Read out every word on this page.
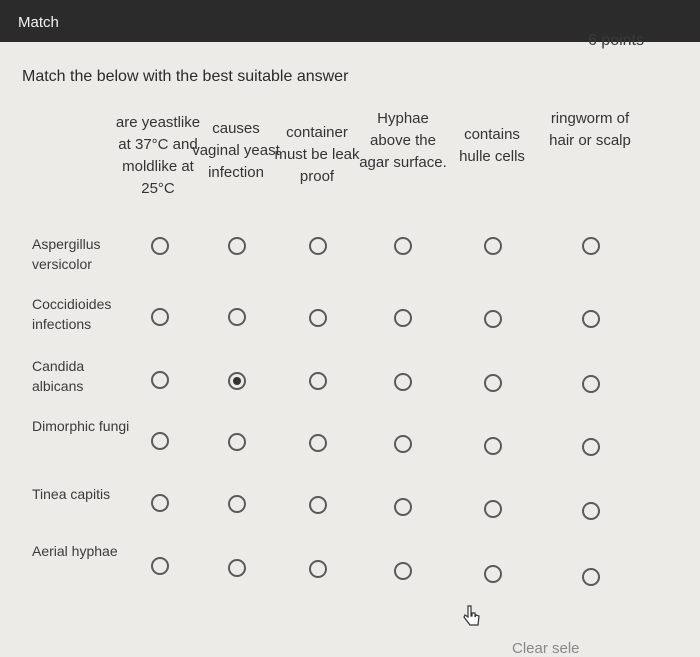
Match
6 points
Match the below with the best suitable answer
are yeastlike at 37°C and moldlike at 25°C
causes vaginal yeast infection
container must be leak proof
Hyphae above the agar surface.
contains hulle cells
ringworm of hair or scalp
Aspergillus versicolor
Coccidioides infections
Candida albicans
Dimorphic fungi
Tinea capitis
Aerial hyphae
Clear sele
